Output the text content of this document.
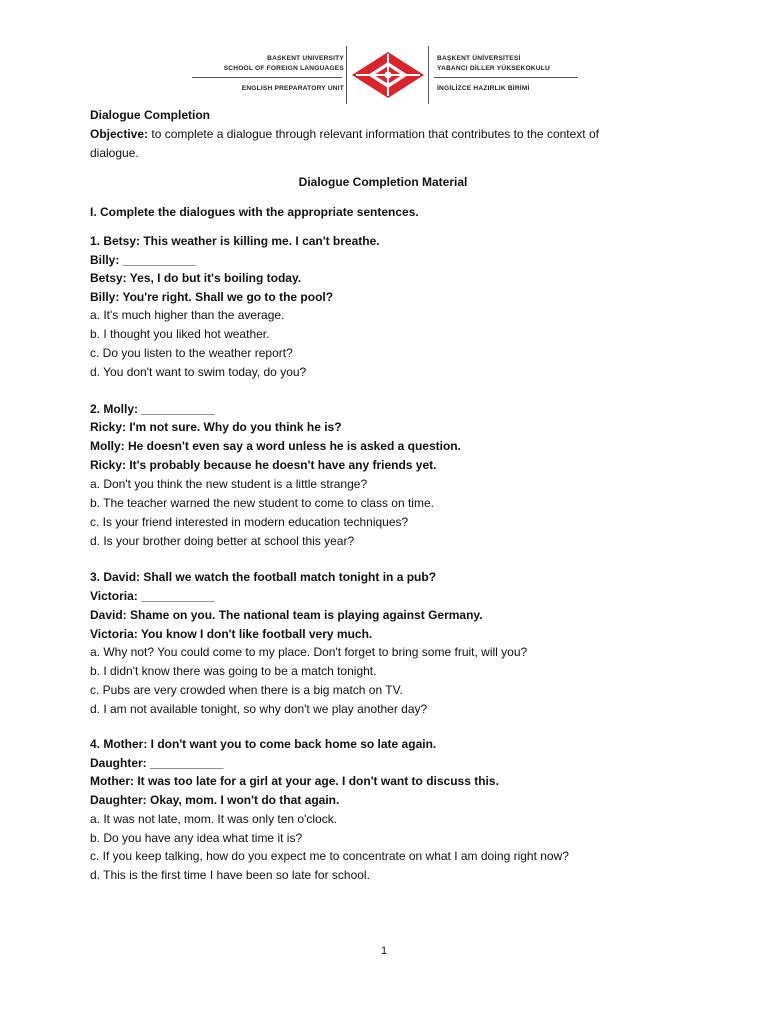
BASKENT UNIVERSITY
SCHOOL OF FOREIGN LANGUAGES
ENGLISH PREPARATORY UNIT
BAŞKENT ÜNİVERSİTESİ
YABANCI DİLLER YÜKSEKOKULU
İNGİLİZCE HAZIRLIK BİRİMİ
Dialogue Completion
Objective: to complete a dialogue through relevant information that contributes to the context of
dialogue.
Dialogue Completion Material
I. Complete the dialogues with the appropriate sentences.
1. Betsy: This weather is killing me. I can't breathe.
Billy: ___________
Betsy: Yes, I do but it's boiling today.
Billy: You're right. Shall we go to the pool?
a. It's much higher than the average.
b. I thought you liked hot weather.
c. Do you listen to the weather report?
d. You don't want to swim today, do you?
2. Molly: ___________
Ricky: I'm not sure. Why do you think he is?
Molly: He doesn't even say a word unless he is asked a question.
Ricky: It's probably because he doesn't have any friends yet.
a. Don't you think the new student is a little strange?
b. The teacher warned the new student to come to class on time.
c. Is your friend interested in modern education techniques?
d. Is your brother doing better at school this year?
3. David: Shall we watch the football match tonight in a pub?
Victoria: ___________
David: Shame on you. The national team is playing against Germany.
Victoria: You know I don't like football very much.
a. Why not? You could come to my place. Don't forget to bring some fruit, will you?
b. I didn't know there was going to be a match tonight.
c. Pubs are very crowded when there is a big match on TV.
d. I am not available tonight, so why don't we play another day?
4. Mother: I don't want you to come back home so late again.
Daughter: ___________
Mother: It was too late for a girl at your age. I don't want to discuss this.
Daughter: Okay, mom. I won't do that again.
a. It was not late, mom. It was only ten o'clock.
b. Do you have any idea what time it is?
c. If you keep talking, how do you expect me to concentrate on what I am doing right now?
d. This is the first time I have been so late for school.
1
